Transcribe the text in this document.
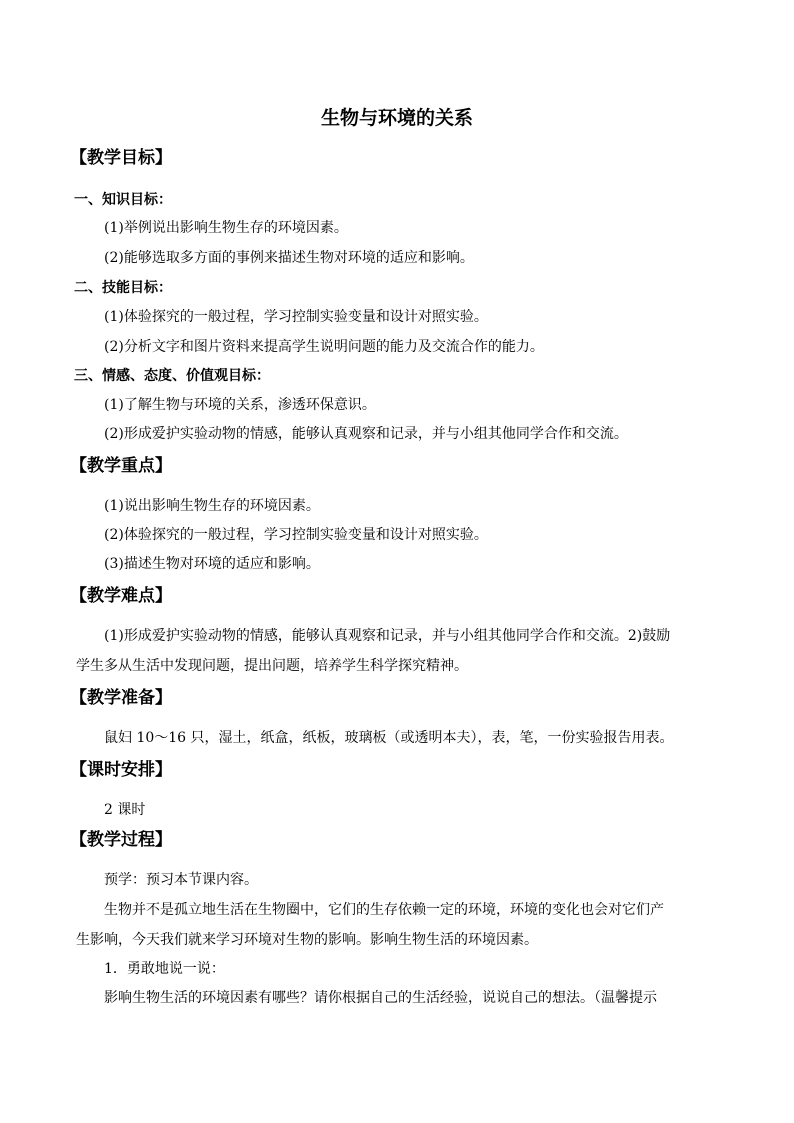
生物与环境的关系
【教学目标】
一、知识目标：
(1)举例说出影响生物生存的环境因素。
(2)能够选取多方面的事例来描述生物对环境的适应和影响。
二、技能目标：
(1)体验探究的一般过程，学习控制实验变量和设计对照实验。
(2)分析文字和图片资料来提高学生说明问题的能力及交流合作的能力。
三、情感、态度、价值观目标：
(1)了解生物与环境的关系，渗透环保意识。
(2)形成爱护实验动物的情感，能够认真观察和记录，并与小组其他同学合作和交流。
【教学重点】
(1)说出影响生物生存的环境因素。
(2)体验探究的一般过程，学习控制实验变量和设计对照实验。
(3)描述生物对环境的适应和影响。
【教学难点】
(1)形成爱护实验动物的情感，能够认真观察和记录，并与小组其他同学合作和交流。2)鼓励
学生多从生活中发现问题，提出问题，培养学生科学探究精神。
【教学准备】
鼠妇 10～16 只，湿土，纸盒，纸板，玻璃板（或透明本夫），表，笔，一份实验报告用表。
【课时安排】
2 课时
【教学过程】
预学：预习本节课内容。
生物并不是孤立地生活在生物圈中，它们的生存依赖一定的环境，环境的变化也会对它们产
生影响，今天我们就来学习环境对生物的影响。影响生物生活的环境因素。
1．勇敢地说一说：
影响生物生活的环境因素有哪些？请你根据自己的生活经验，说说自己的想法。（温馨提示
